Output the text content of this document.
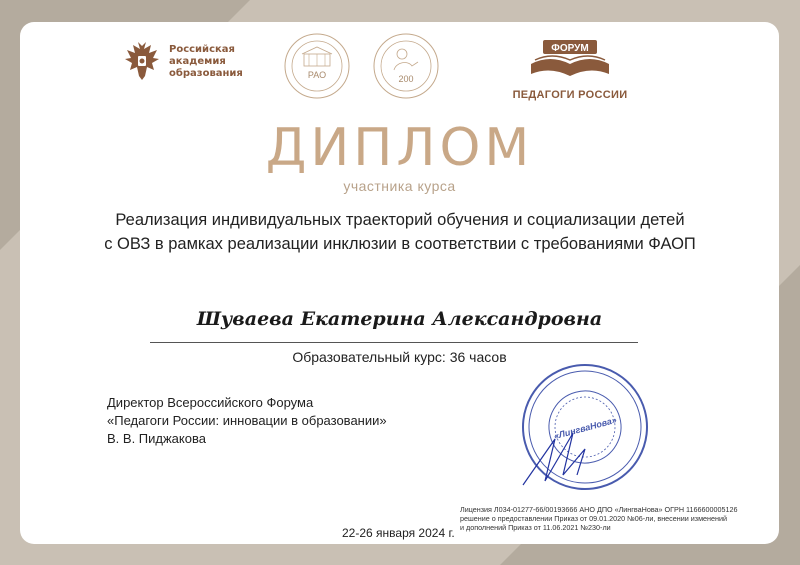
Российская
академия
образования	РАО	200
ФОРУМ
ПЕДАГОГИ РОССИИ
ДИПЛОМ
участника курса
Реализация индивидуальных траекторий обучения и социализации детей
с ОВЗ в рамках реализации инклюзии в соответствии с требованиями ФАОП
Шуваева Екатерина Александровна
Образовательный курс: 36 часов
Директор Всероссийского Форума
«Педагоги России: инновации в образовании»
В. В. Пиджакова	«ЛингваНова»
Лицензия Л034-01277-66/00193666 АНО ДПО «ЛингваНова» ОГРН 1166600005126
решение о предоставлении Приказ от 09.01.2020 №06-ли, внесении изменений
и дополнений Приказ от 11.06.2021 №230-ли
22-26 января 2024 г.
